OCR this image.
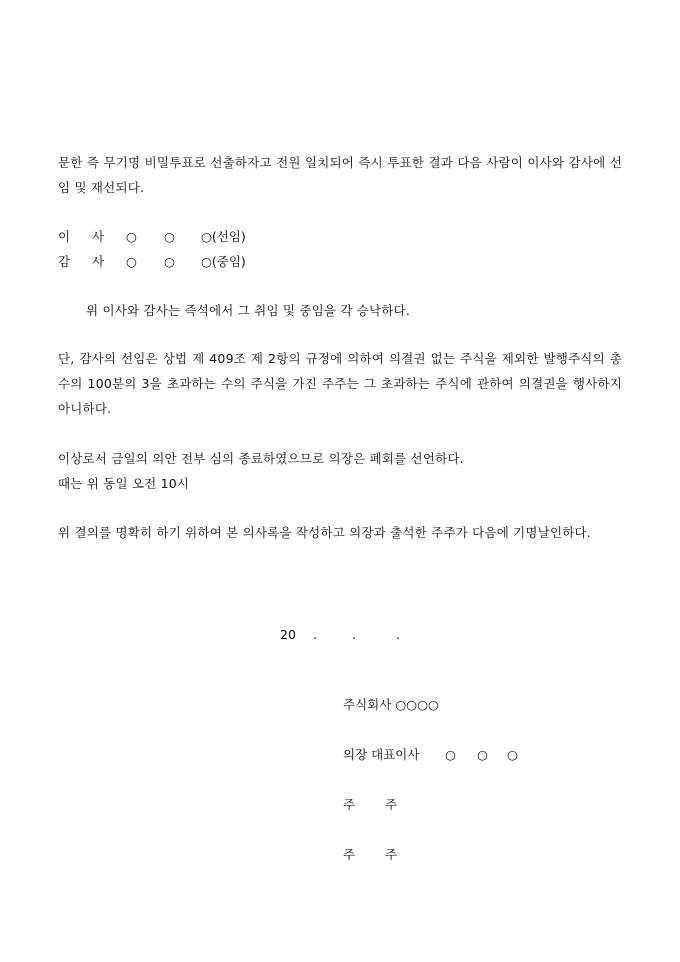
문한 즉 무기명 비밀투표로 선출하자고 전원 일치되어 즉시 투표한 결과 다음 사람이 이사와 감사에 선임 및 재선되다.
이 사 ○ ○ ○(선임)
감 사 ○ ○ ○(중임)
위 이사와 감사는 즉석에서 그 취임 및 중임을 각 승낙하다.
단, 감사의 선임은 상법 제 409조 제 2항의 규정에 의하여 의결권 없는 주식을 제외한 발행주식의 총수의 100분의 3을 초과하는 수의 주식을 가진 주주는 그 초과하는 주식에 관하여 의결권을 행사하지 아니하다.
이상로서 금일의 의안 전부 심의 종료하였으므로 의장은 폐회를 선언하다.
때는 위 동일 오전 10시
위 결의를 명확히 하기 위하여 본 의사록을 작성하고 의장과 출석한 주주가 다음에 기명날인하다.
20 .	.	.
주식회사 ○○○○
의장 대표이사 ○ ○ ○
주 주
주 주
